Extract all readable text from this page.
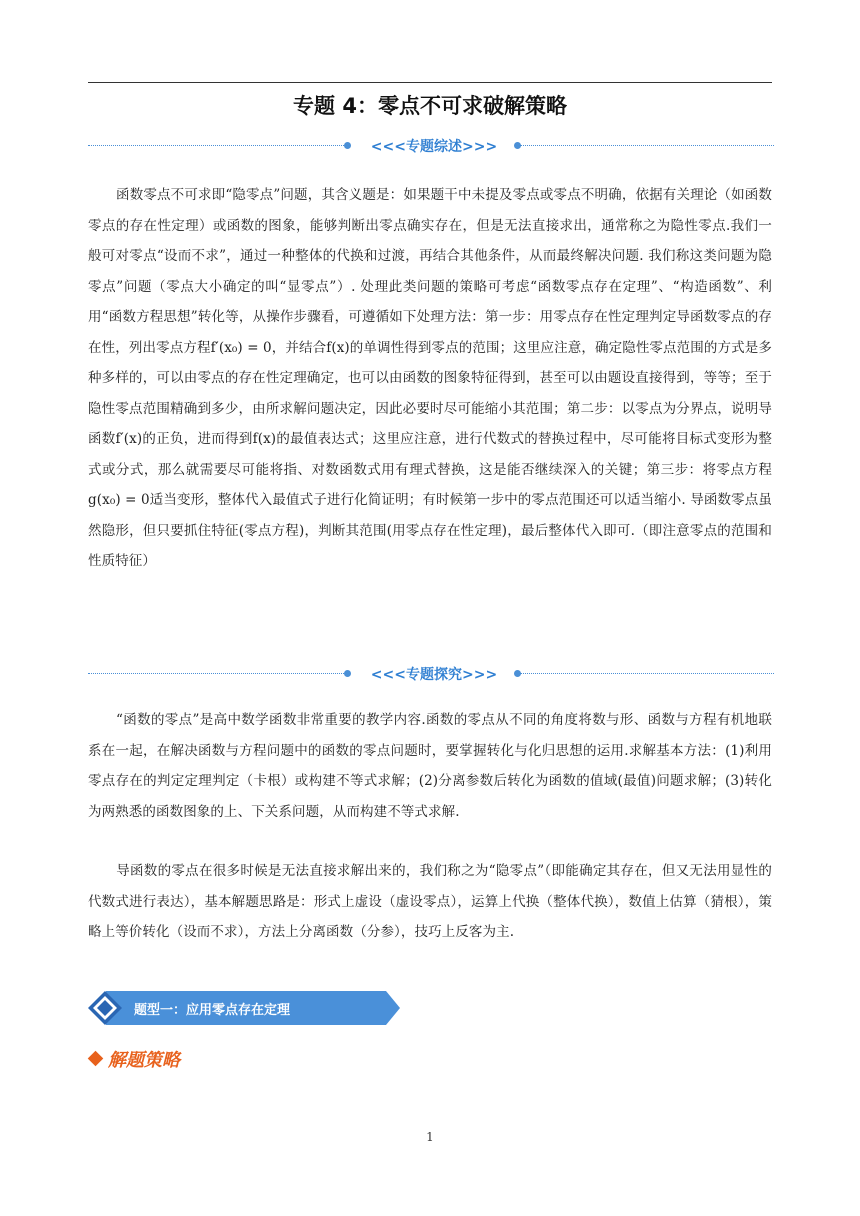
专题 4：零点不可求破解策略
<<<专题综述>>>

函数零点不可求即“隐零点”问题，其含义题是：如果题干中未提及零点或零点不明确，依据有关理论（如函数零点的存在性定理）或函数的图象，能够判断出零点确实存在，但是无法直接求出，通常称之为隐性零点.我们一般可对零点“设而不求”，通过一种整体的代换和过渡，再结合其他条件，从而最终解决问题. 我们称这类问题为隐零点”问题（零点大小确定的叫“显零点”）. 处理此类问题的策略可考虑“函数零点存在定理”、“构造函数”、利用“函数方程思想”转化等，从操作步骤看，可遵循如下处理方法：第一步：用零点存在性定理判定导函数零点的存在性，列出零点方程f′(x₀) = 0，并结合f(x)的单调性得到零点的范围；这里应注意，确定隐性零点范围的方式是多种多样的，可以由零点的存在性定理确定，也可以由函数的图象特征得到，甚至可以由题设直接得到，等等；至于隐性零点范围精确到多少，由所求解问题决定，因此必要时尽可能缩小其范围；第二步：以零点为分界点，说明导函数f′(x)的正负，进而得到f(x)的最值表达式；这里应注意，进行代数式的替换过程中，尽可能将目标式变形为整式或分式，那么就需要尽可能将指、对数函数式用有理式替换，这是能否继续深入的关键；第三步：将零点方程g(x₀) = 0适当变形，整体代入最值式子进行化简证明；有时候第一步中的零点范围还可以适当缩小. 导函数零点虽然隐形，但只要抓住特征(零点方程)，判断其范围(用零点存在性定理)，最后整体代入即可.（即注意零点的范围和性质特征）

<<<专题探究>>>

“函数的零点”是高中数学函数非常重要的教学内容.函数的零点从不同的角度将数与形、函数与方程有机地联系在一起，在解决函数与方程问题中的函数的零点问题时，要掌握转化与化归思想的运用.求解基本方法：(1)利用零点存在的判定定理判定（卡根）或构建不等式求解；(2)分离参数后转化为函数的值域(最值)问题求解；(3)转化为两熟悉的函数图象的上、下关系问题，从而构建不等式求解.

导函数的零点在很多时候是无法直接求解出来的，我们称之为“隐零点”（即能确定其存在，但又无法用显性的代数式进行表达），基本解题思路是：形式上虚设（虚设零点），运算上代换（整体代换），数值上估算（猜根），策略上等价转化（设而不求），方法上分离函数（分参），技巧上反客为主.

题型一：应用零点存在定理
解题策略
1
